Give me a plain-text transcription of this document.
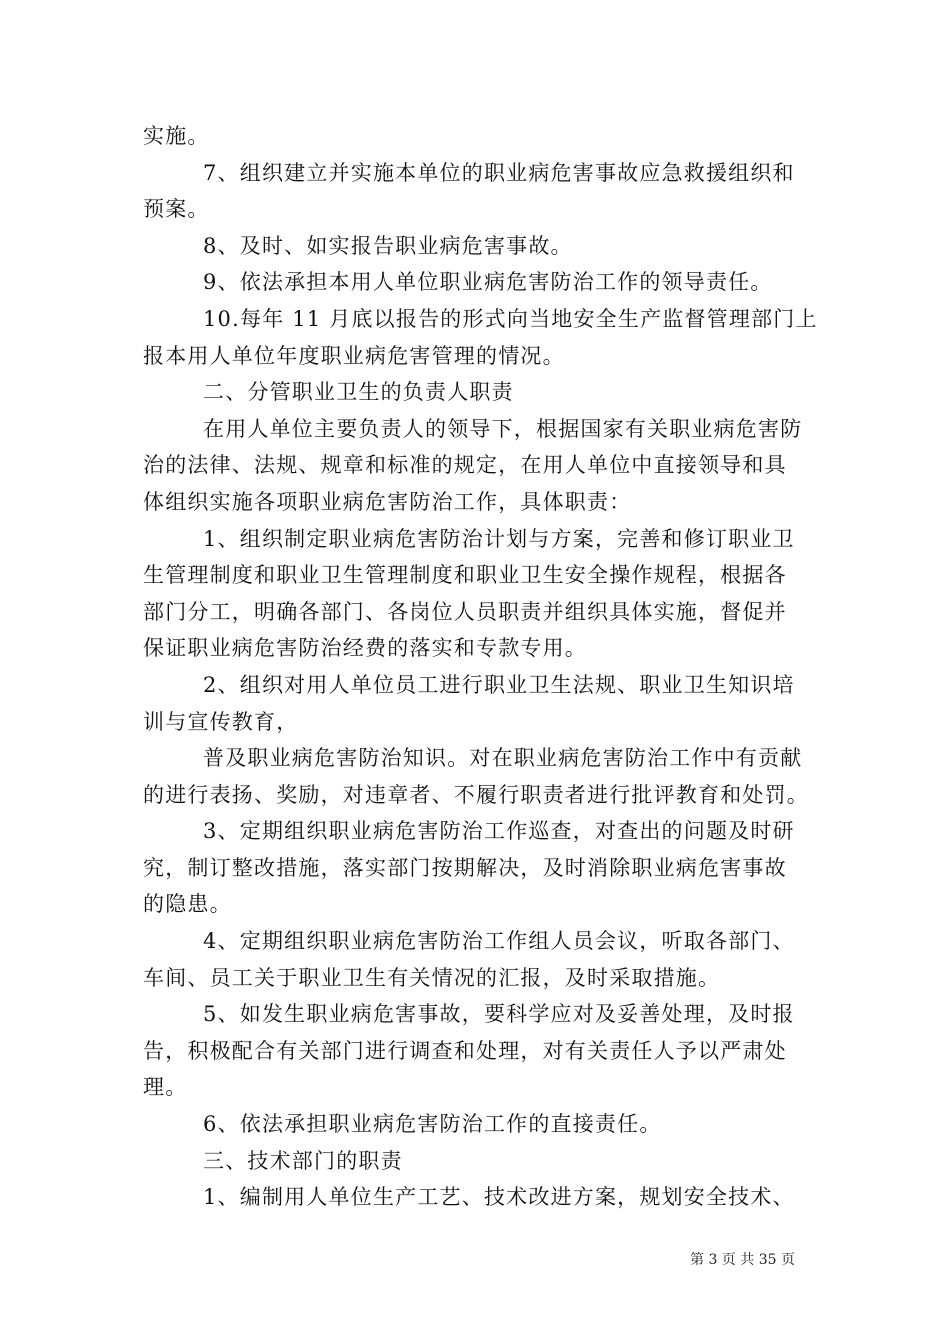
实施。
7、组织建立并实施本单位的职业病危害事故应急救援组织和
预案。
8、及时、如实报告职业病危害事故。
9、依法承担本用人单位职业病危害防治工作的领导责任。
10.每年 11 月底以报告的形式向当地安全生产监督管理部门上
报本用人单位年度职业病危害管理的情况。
二、分管职业卫生的负责人职责
在用人单位主要负责人的领导下，根据国家有关职业病危害防
治的法律、法规、规章和标准的规定，在用人单位中直接领导和具
体组织实施各项职业病危害防治工作，具体职责：
1、组织制定职业病危害防治计划与方案，完善和修订职业卫
生管理制度和职业卫生管理制度和职业卫生安全操作规程，根据各
部门分工，明确各部门、各岗位人员职责并组织具体实施，督促并
保证职业病危害防治经费的落实和专款专用。
2、组织对用人单位员工进行职业卫生法规、职业卫生知识培
训与宣传教育，
普及职业病危害防治知识。对在职业病危害防治工作中有贡献
的进行表扬、奖励，对违章者、不履行职责者进行批评教育和处罚。
3、定期组织职业病危害防治工作巡查，对查出的问题及时研
究，制订整改措施，落实部门按期解决，及时消除职业病危害事故
的隐患。
4、定期组织职业病危害防治工作组人员会议，听取各部门、
车间、员工关于职业卫生有关情况的汇报，及时采取措施。
5、如发生职业病危害事故，要科学应对及妥善处理，及时报
告，积极配合有关部门进行调查和处理，对有关责任人予以严肃处
理。
6、依法承担职业病危害防治工作的直接责任。
三、技术部门的职责
1、编制用人单位生产工艺、技术改进方案，规划安全技术、
第 3 页 共 35 页
